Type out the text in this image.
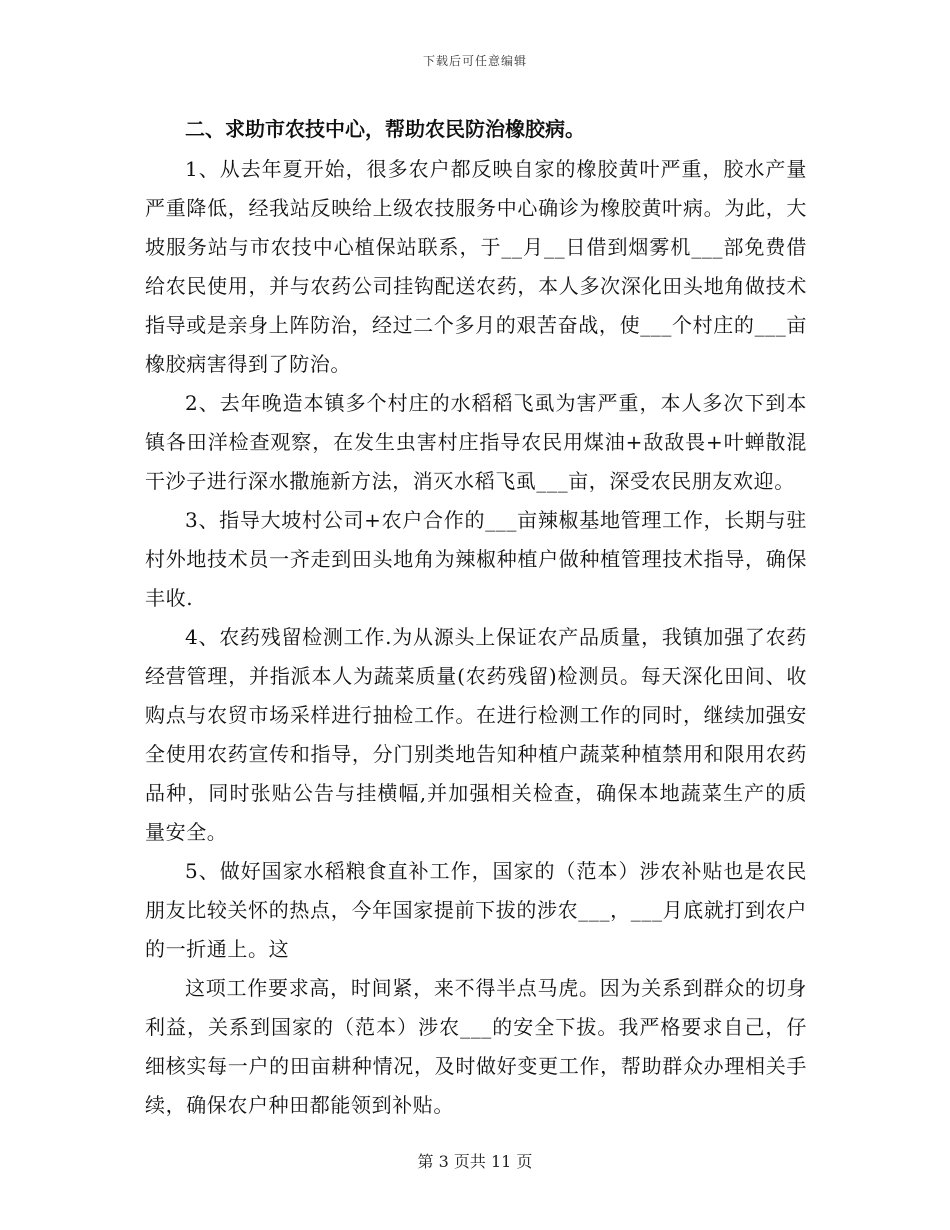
下载后可任意编辑

二、求助市农技中心，帮助农民防治橡胶病。

1、从去年夏开始，很多农户都反映自家的橡胶黄叶严重，胶水产量严重降低，经我站反映给上级农技服务中心确诊为橡胶黄叶病。为此，大坡服务站与市农技中心植保站联系，于__月__日借到烟雾机___部免费借给农民使用，并与农药公司挂钩配送农药，本人多次深化田头地角做技术指导或是亲身上阵防治，经过二个多月的艰苦奋战，使___个村庄的___亩橡胶病害得到了防治。

2、去年晚造本镇多个村庄的水稻稻飞虱为害严重，本人多次下到本镇各田洋检查观察，在发生虫害村庄指导农民用煤油+敌敌畏+叶蝉散混干沙子进行深水撒施新方法，消灭水稻飞虱___亩，深受农民朋友欢迎。

3、指导大坡村公司+农户合作的___亩辣椒基地管理工作，长期与驻村外地技术员一齐走到田头地角为辣椒种植户做种植管理技术指导，确保丰收.

4、农药残留检测工作.为从源头上保证农产品质量，我镇加强了农药经营管理，并指派本人为蔬菜质量(农药残留)检测员。每天深化田间、收购点与农贸市场采样进行抽检工作。在进行检测工作的同时，继续加强安全使用农药宣传和指导，分门别类地告知种植户蔬菜种植禁用和限用农药品种，同时张贴公告与挂横幅,并加强相关检查，确保本地蔬菜生产的质量安全。

5、做好国家水稻粮食直补工作，国家的（范本）涉农补贴也是农民朋友比较关怀的热点，今年国家提前下拔的涉农___，___月底就打到农户的一折通上。这

这项工作要求高，时间紧，来不得半点马虎。因为关系到群众的切身利益，关系到国家的（范本）涉农___的安全下拔。我严格要求自己，仔细核实每一户的田亩耕种情况，及时做好变更工作，帮助群众办理相关手续，确保农户种田都能领到补贴。

第 3 页共 11 页
